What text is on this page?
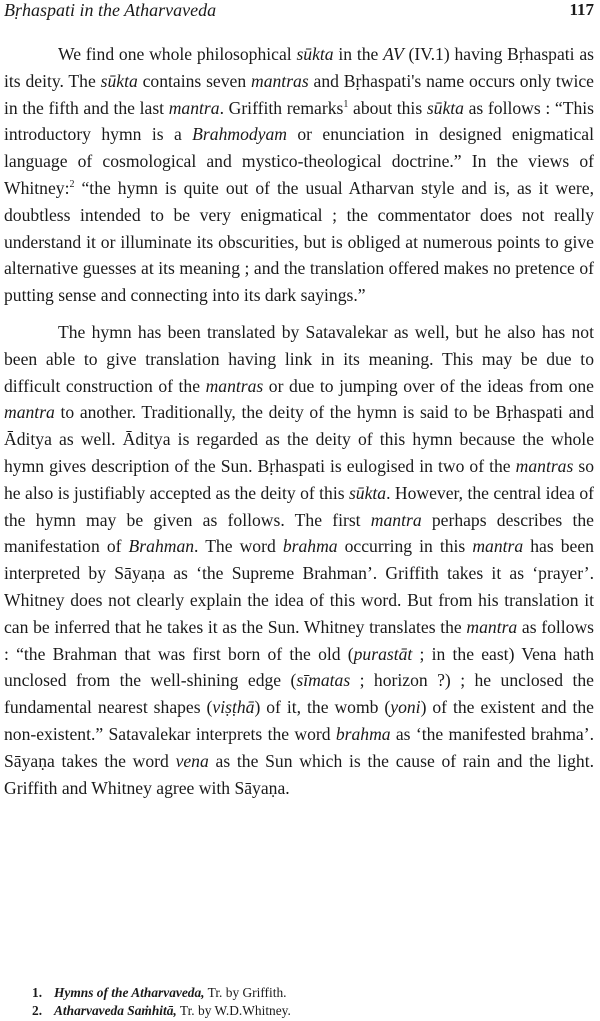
Bṛhaspati in the Atharvaveda	117

We find one whole philosophical sūkta in the AV (IV.1) having Bṛhaspati as its deity. The sūkta contains seven mantras and Bṛhaspati's name occurs only twice in the fifth and the last mantra. Griffith remarks$^1$ about this sūkta as follows : “This introductory hymn is a Brahmodyam or enunciation in designed enigmatical language of cosmological and mystico-theological doctrine.” In the views of Whitney:$^2$ “the hymn is quite out of the usual Atharvan style and is, as it were, doubtless intended to be very enigmatical ; the commentator does not really understand it or illuminate its obscurities, but is obliged at numerous points to give alternative guesses at its meaning ; and the translation offered makes no pretence of putting sense and connecting into its dark sayings.”

The hymn has been translated by Satavalekar as well, but he also has not been able to give translation having link in its meaning. This may be due to difficult construction of the mantras or due to jumping over of the ideas from one mantra to another. Traditionally, the deity of the hymn is said to be Bṛhaspati and Āditya as well. Āditya is regarded as the deity of this hymn because the whole hymn gives description of the Sun. Bṛhaspati is eulogised in two of the mantras so he also is justifiably accepted as the deity of this sūkta. However, the central idea of the hymn may be given as follows. The first mantra perhaps describes the manifestation of Brahman. The word brahma occurring in this mantra has been interpreted by Sāyaṇa as ‘the Supreme Brahman’. Griffith takes it as ‘prayer’. Whitney does not clearly explain the idea of this word. But from his translation it can be inferred that he takes it as the Sun. Whitney translates the mantra as follows : “the Brahman that was first born of the old (purastāt ; in the east) Vena hath unclosed from the well-shining edge (sīmatas ; horizon ?) ; he unclosed the fundamental nearest shapes (viṣṭhā) of it, the womb (yoni) of the existent and the non-existent.” Satavalekar interprets the word brahma as ‘the manifested brahma’. Sāyaṇa takes the word vena as the Sun which is the cause of rain and the light. Griffith and Whitney agree with Sāyaṇa.

1. Hymns of the Atharvaveda, Tr. by Griffith.
2. Atharvaveda Saṁhitā, Tr. by W.D.Whitney.
